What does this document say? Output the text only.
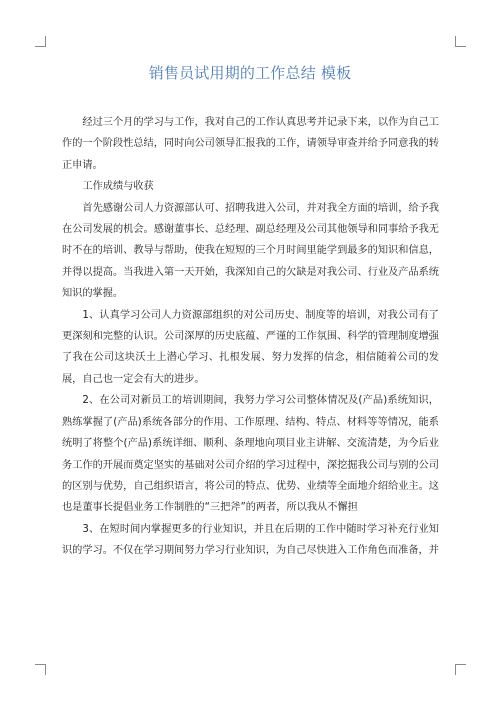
销售员试用期的工作总结 模板

经过三个月的学习与工作，我对自己的工作认真思考并记录下来，以作为自己工作的一个阶段性总结，同时向公司领导汇报我的工作，请领导审查并给予同意我的转正申请。

工作成绩与收获

首先感谢公司人力资源部认可、招聘我进入公司，并对我全方面的培训，给予我在公司发展的机会。感谢董事长、总经理、副总经理及公司其他领导和同事给予我无时不在的培训、教导与帮助，使我在短短的三个月时间里能学到最多的知识和信息，并得以提高。当我进入第一天开始，我深知自己的欠缺是对我公司、行业及产品系统知识的掌握。

1、认真学习公司人力资源部组织的对公司历史、制度等的培训，对我公司有了更深刻和完整的认识。公司深厚的历史底蕴、严谨的工作氛围、科学的管理制度增强了我在公司这块沃土上潜心学习、扎根发展、努力发挥的信念，相信随着公司的发展，自己也一定会有大的进步。

2、在公司对新员工的培训期间，我努力学习公司整体情况及(产品)系统知识，熟练掌握了(产品)系统各部分的作用、工作原理、结构、特点、材料等等情况，能系统明了将整个(产品)系统详细、顺利、条理地向项目业主讲解、交流清楚，为今后业务工作的开展而奠定坚实的基础对公司介绍的学习过程中，深挖掘我公司与别的公司的区别与优势，自己组织语言，将公司的特点、优势、业绩等全面地介绍给业主。这也是董事长提倡业务工作制胜的“三把斧”的两者，所以我从不懈担

3、在短时间内掌握更多的行业知识，并且在后期的工作中随时学习补充行业知识的学习。不仅在学习期间努力学习行业知识，为自己尽快进入工作角色而准备，并
